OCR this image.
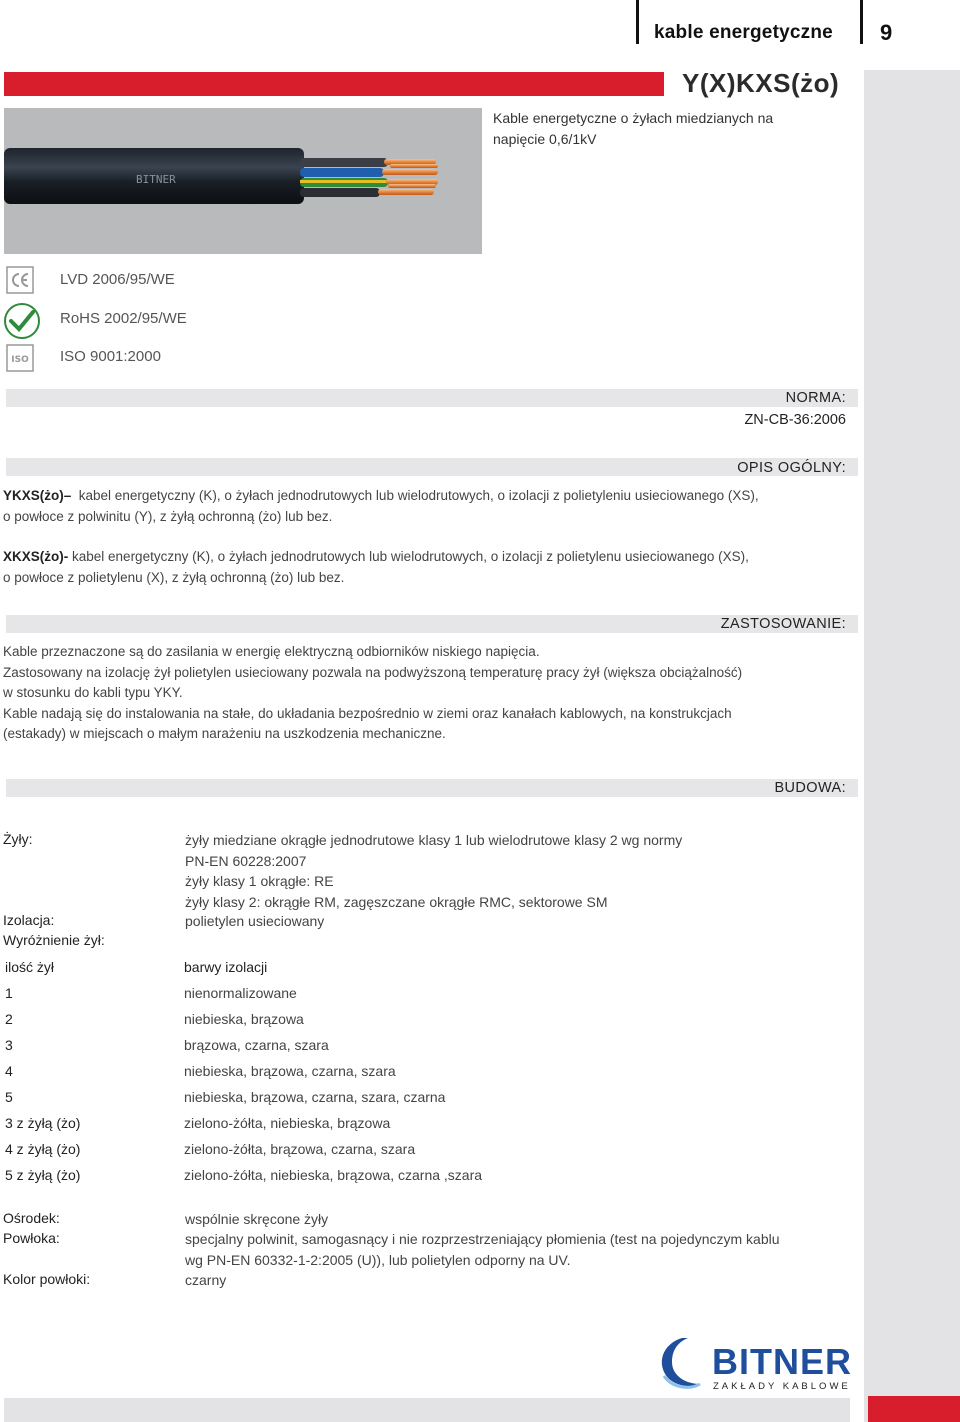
kable energetyczne 9
Y(X)KXS(żo)
Kable energetyczne o żyłach miedzianych na napięcie 0,6/1kV
BITNER
LVD 2006/95/WE
RoHS 2002/95/WE
ISO ISO 9001:2000
NORMA:
ZN-CB-36:2006
OPIS OGÓLNY:
YKXS(żo)– kabel energetyczny (K), o żyłach jednodrutowych lub wielodrutowych, o izolacji z polietyleniu usieciowanego (XS),
o powłoce z polwinitu (Y), z żyłą ochronną (żo) lub bez.
XKXS(żo)- kabel energetyczny (K), o żyłach jednodrutowych lub wielodrutowych, o izolacji z polietylenu usieciowanego (XS),
o powłoce z polietylenu (X), z żyłą ochronną (żo) lub bez.
ZASTOSOWANIE:
Kable przeznaczone są do zasilania w energię elektryczną odbiorników niskiego napięcia.
Zastosowany na izolację żył polietylen usieciowany pozwala na podwyższoną temperaturę pracy żył (większa obciążalność)
w stosunku do kabli typu YKY.
Kable nadają się do instalowania na stałe, do układania bezpośrednio w ziemi oraz kanałach kablowych, na konstrukcjach
(estakady) w miejscach o małym narażeniu na uszkodzenia mechaniczne.
BUDOWA:
Żyły:	żyły miedziane okrągłe jednodrutowe klasy 1 lub wielodrutowe klasy 2 wg normy
PN-EN 60228:2007
żyły klasy 1 okrągłe: RE
żyły klasy 2: okrągłe RM, zagęszczane okrągłe RMC, sektorowe SM
Izolacja:	polietylen usieciowany
Wyróżnienie żył:
ilość żył	barwy izolacji
1	nienormalizowane
2	niebieska, brązowa
3	brązowa, czarna, szara
4	niebieska, brązowa, czarna, szara
5	niebieska, brązowa, czarna, szara, czarna
3 z żyłą (żo)	zielono-żółta, niebieska, brązowa
4 z żyłą (żo)	zielono-żółta, brązowa, czarna, szara
5 z żyłą (żo)	zielono-żółta, niebieska, brązowa, czarna ,szara
Ośrodek:	wspólnie skręcone żyły
Powłoka:	specjalny polwinit, samogasnący i nie rozprzestrzeniający płomienia (test na pojedynczym kablu
wg PN-EN 60332-1-2:2005 (U)), lub polietylen odporny na UV.
Kolor powłoki:	czarny
BITNER
ZAKŁADY KABLOWE
